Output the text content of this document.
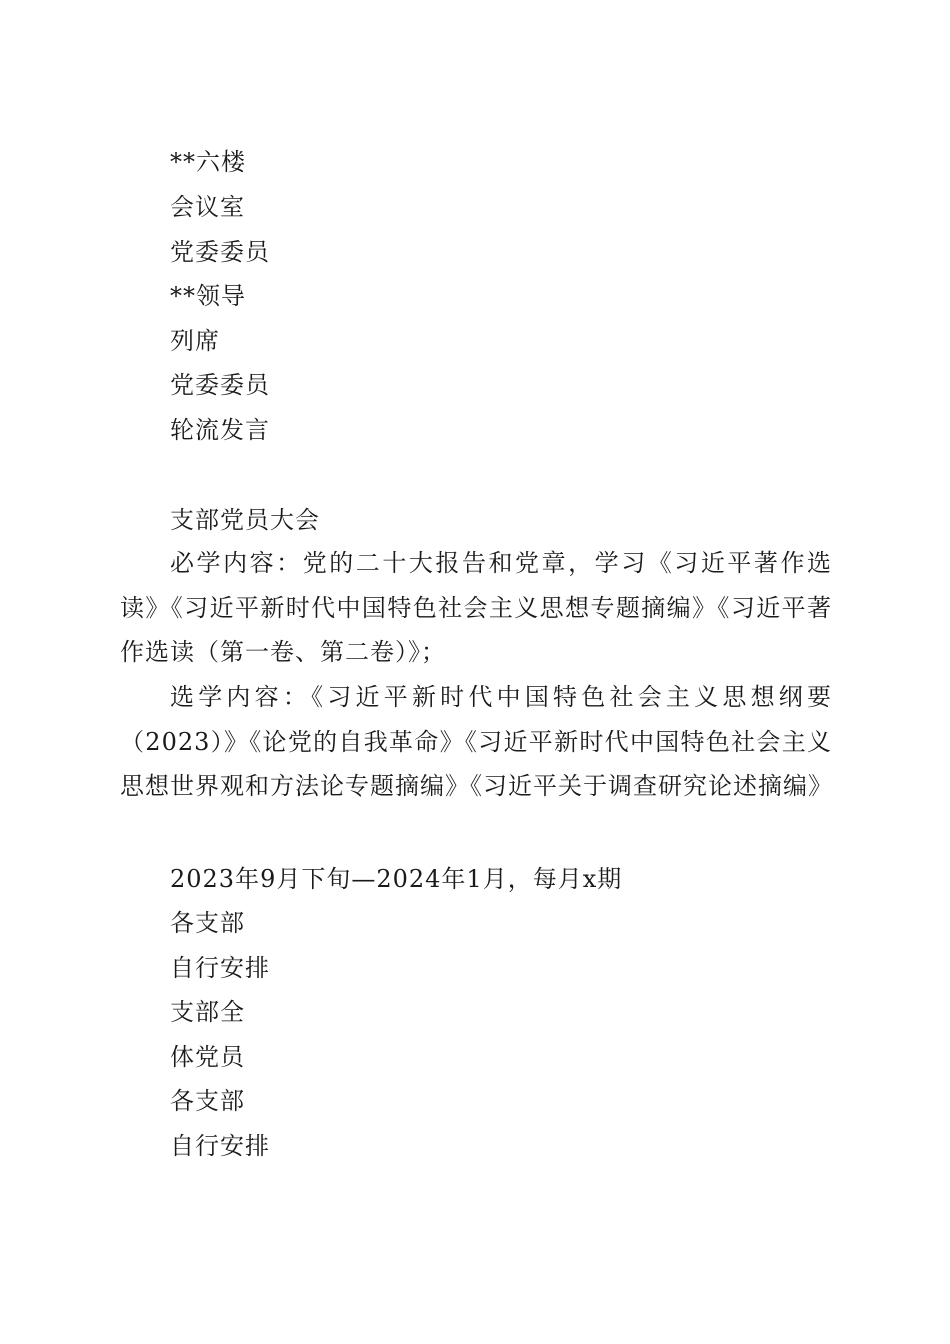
**六楼
会议室
党委委员
**领导
列席
党委委员
轮流发言
支部党员大会
必学内容：党的二十大报告和党章，学习《习近平著作选读》《习近平新时代中国特色社会主义思想专题摘编》《习近平著作选读（第一卷、第二卷）》；
选学内容：《习近平新时代中国特色社会主义思想纲要（2023）》《论党的自我革命》《习近平新时代中国特色社会主义思想世界观和方法论专题摘编》《习近平关于调查研究论述摘编》
2023年9月下旬—2024年1月，每月x期
各支部
自行安排
支部全
体党员
各支部
自行安排
